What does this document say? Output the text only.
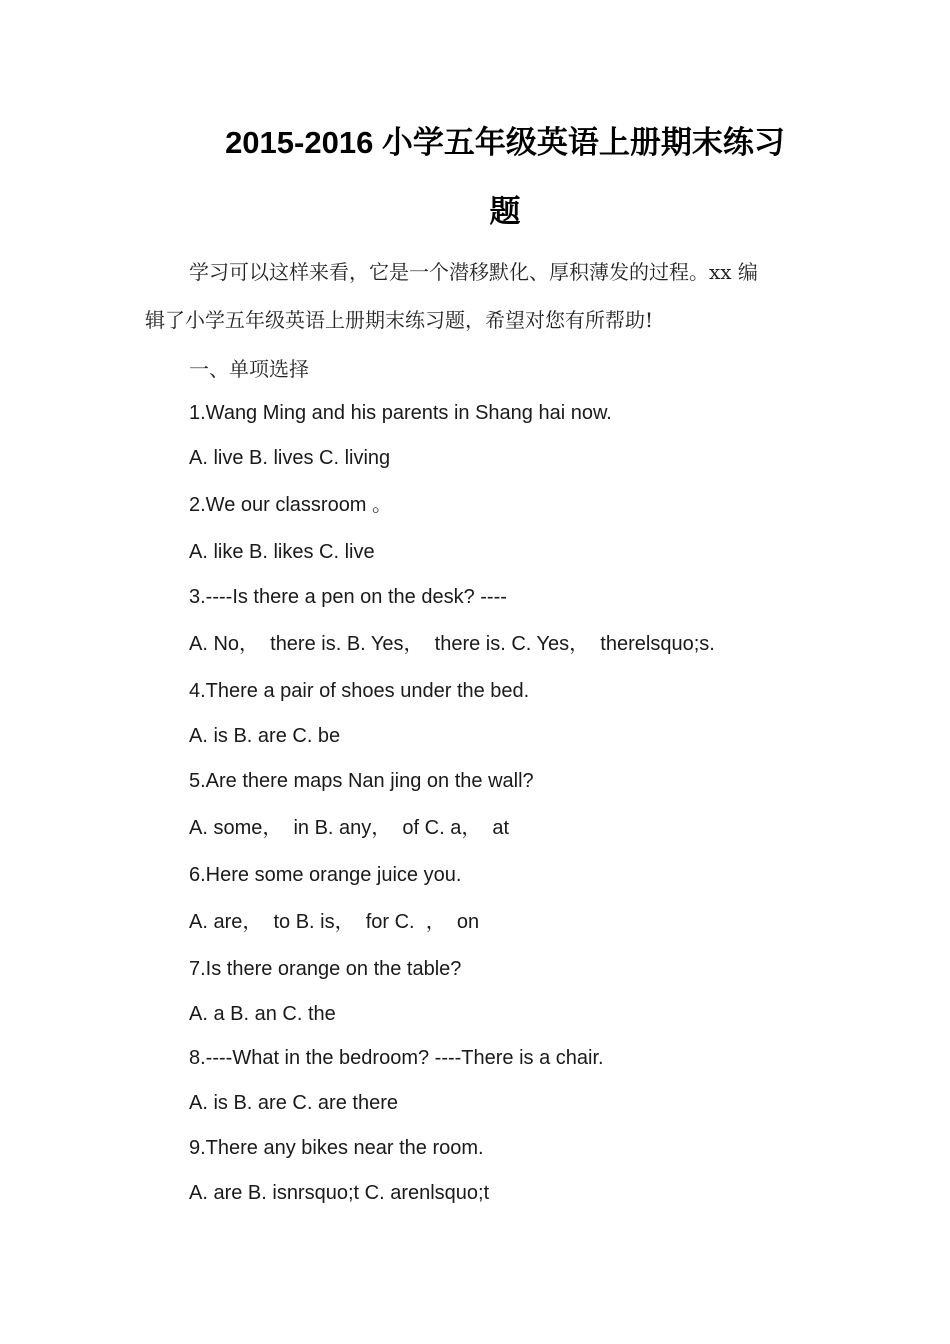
2015-2016 小学五年级英语上册期末练习
题

学习可以这样来看，它是一个潜移默化、厚积薄发的过程。xx 编

辑了小学五年级英语上册期末练习题，希望对您有所帮助!

一、单项选择

1.Wang Ming and his parents in Shang hai now.

A. live B. lives C. living

2.We our classroom 。

A. like B. likes C. live

3.----Is there a pen on the desk? ----

A. No，  there is. B. Yes，  there is. C. Yes，  therelsquo;s.

4.There a pair of shoes under the bed.

A. is B. are C. be

5.Are there maps Nan jing on the wall?

A. some，  in B. any，  of C. a，  at

6.Here some orange juice you.

A. are，  to B. is，  for C.  ，  on

7.Is there orange on the table?

A. a B. an C. the

8.----What in the bedroom? ----There is a chair.

A. is B. are C. are there

9.There any bikes near the room.

A. are B. isnrsquo;t C. arenlsquo;t
